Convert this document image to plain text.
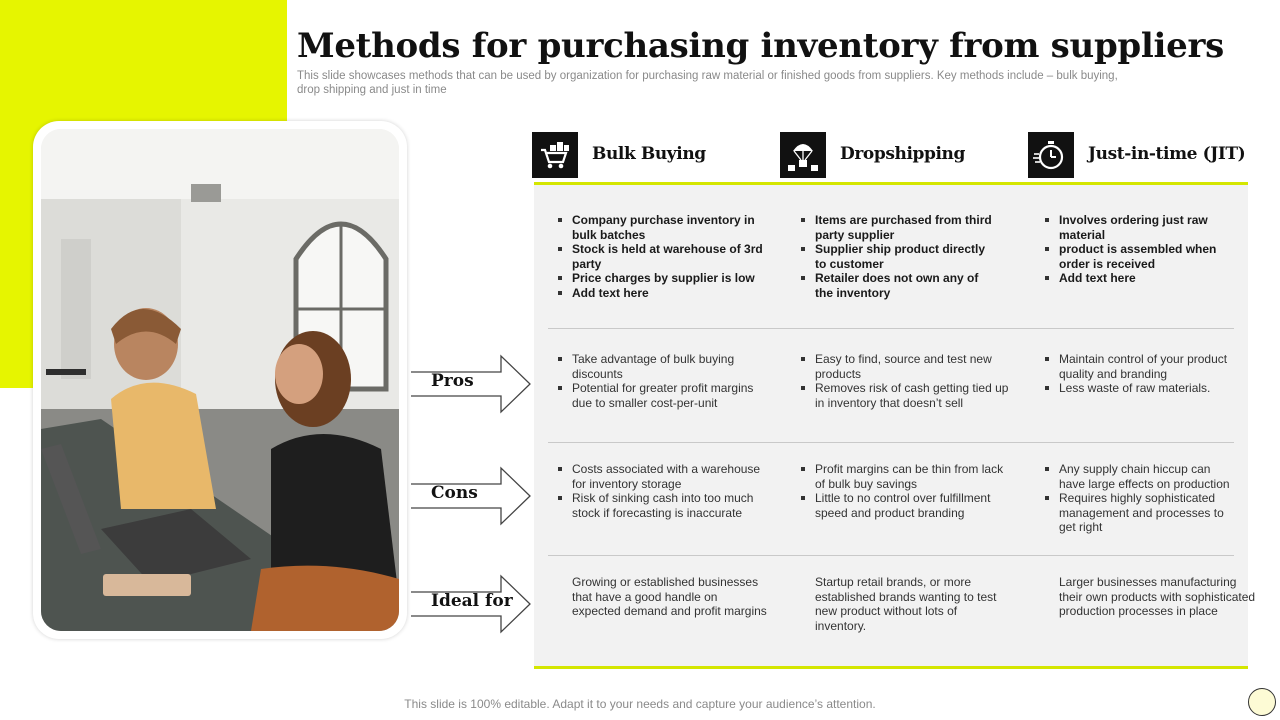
Methods for purchasing inventory from suppliers
This slide showcases methods that can be used by organization for purchasing raw material or finished goods from suppliers. Key methods include – bulk buying, drop shipping and just in time
Bulk Buying	Dropshipping	Just-in-time (JIT)
Company purchase inventory in bulk batches
Stock is held at warehouse of 3rd party
Price charges by supplier is low
Add text here
Items are purchased from third party supplier
Supplier ship product directly to customer
Retailer does not own any of the inventory
Involves ordering just raw material
product is assembled when order is received
Add text here
Pros
Take advantage of bulk buying discounts
Potential for greater profit margins due to smaller cost-per-unit
Easy to find, source and test new products
Removes risk of cash getting tied up in inventory that doesn’t sell
Maintain control of your product quality and branding
Less waste of raw materials.
Cons
Costs associated with a warehouse for inventory storage
Risk of sinking cash into too much stock if forecasting is inaccurate
Profit margins can be thin from lack of bulk buy savings
Little to no control over fulfillment speed and product branding
Any supply chain hiccup can have large effects on production
Requires highly sophisticated management and processes to get right
Ideal for
Growing or established businesses that have a good handle on expected demand and profit margins
Startup retail brands, or more established brands wanting to test new product without lots of inventory.
Larger businesses manufacturing their own products with sophisticated production processes in place
This slide is 100% editable. Adapt it to your needs and capture your audience’s attention.
